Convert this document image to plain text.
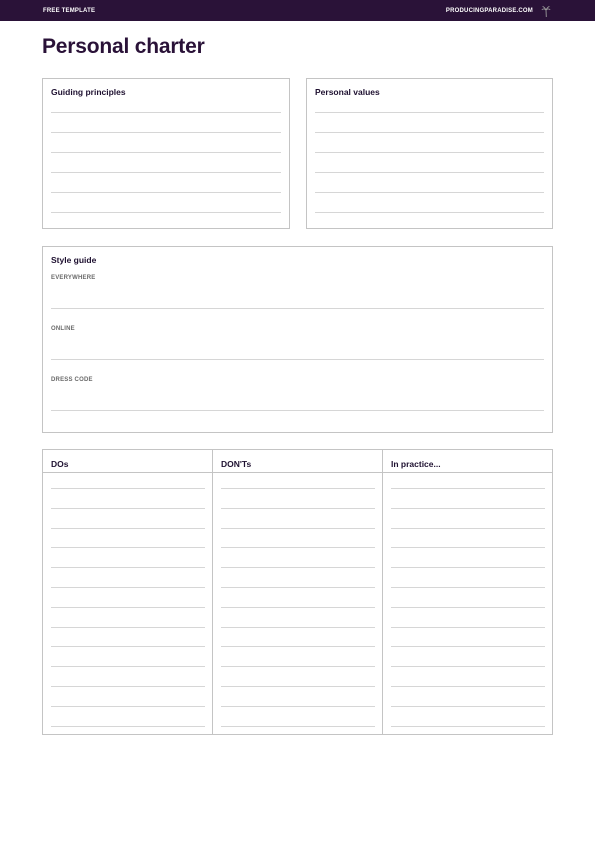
FREE TEMPLATE	PRODUCINGPARADISE.COM
Personal charter
Guiding principles	Personal values
Style guide
EVERYWHERE
ONLINE
DRESS CODE
DOs	DON'Ts	In practice...
